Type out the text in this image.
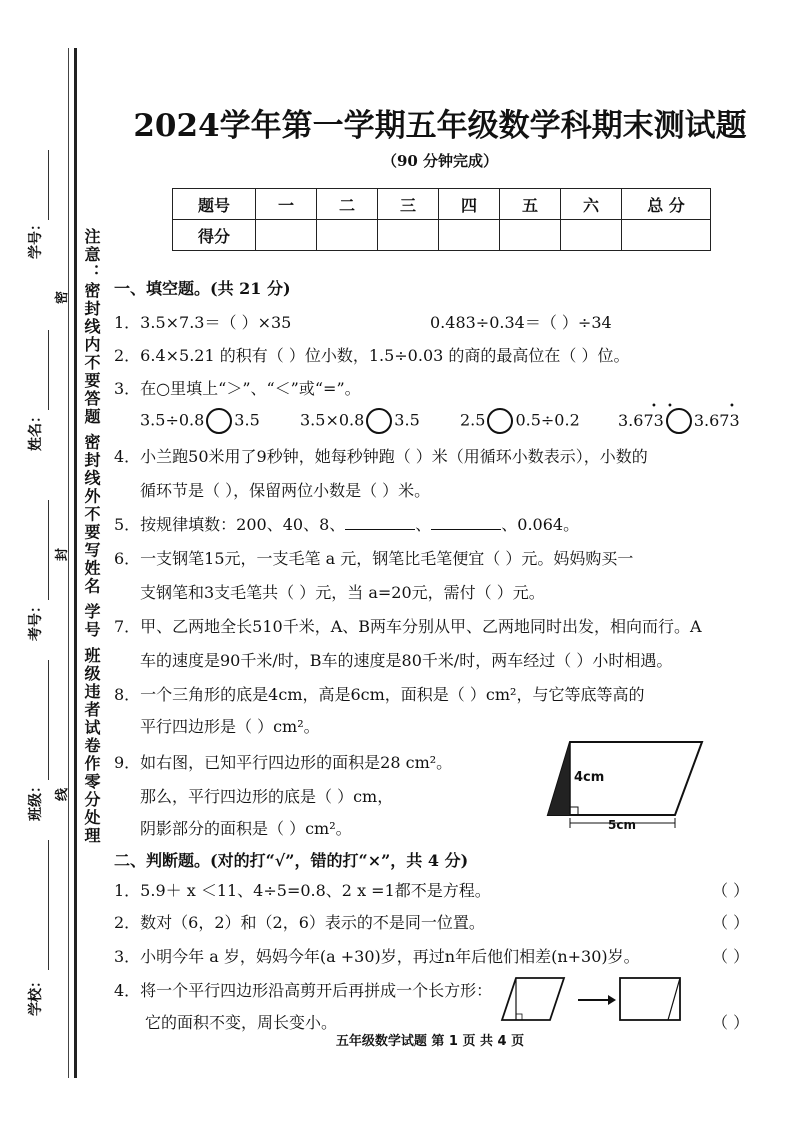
学号：
姓名：
考号：
班级：
学校：
密
封
线 注意：密封线内不要答题 密封线外不要写姓名 学号 班级违者试卷作零分处理
2024学年第一学期五年级数学科期末测试题
（90 分钟完成）
题号	一	二	三	四	五	六	总 分
得分							
一、填空题。(共 21 分)
1．3.5×7.3＝（ ）×35	0.483÷0.34＝（ ）÷34
2．6.4×5.21 的积有（ ）位小数，1.5÷0.03 的商的最高位在（ ）位。
3．在○里填上“＞”、“＜”或“=”。
3.5÷0.8 3.5	3.5×0.8 3.5	2.5 0.5÷0.2 3.673 3.673
• •	•
4．小兰跑50米用了9秒钟，她每秒钟跑（ ）米（用循环小数表示），小数的
循环节是（ ），保留两位小数是（ ）米。
5．按规律填数：200、40、8、	、	、0.064。
6．一支钢笔15元，一支毛笔 a 元，钢笔比毛笔便宜（ ）元。妈妈购买一
支钢笔和3支毛笔共（ ）元，当 a=20元，需付（ ）元。
7．甲、乙两地全长510千米，A、B两车分别从甲、乙两地同时出发，相向而行。A
车的速度是90千米/时，B车的速度是80千米/时，两车经过（ ）小时相遇。
8．一个三角形的底是4cm，高是6cm，面积是（ ）cm²，与它等底等高的
平行四边形是（ ）cm²。
9．如右图，已知平行四边形的面积是28 cm²。
那么，平行四边形的底是（ ）cm，
阴影部分的面积是（ ）cm²。
4cm
5cm
二、判断题。(对的打“√”，错的打“×”，共 4 分)
1．5.9＋ x ＜11、4÷5=0.8、2 x =1都不是方程。	（ ）
2．数对（6，2）和（2，6）表示的不是同一位置。	（ ）
3．小明今年 a 岁，妈妈今年(a +30)岁，再过n年后他们相差(n+30)岁。	（ ）
4．将一个平行四边形沿高剪开后再拼成一个长方形：
它的面积不变，周长变小。	（ ）
五年级数学试题 第 1 页 共 4 页
